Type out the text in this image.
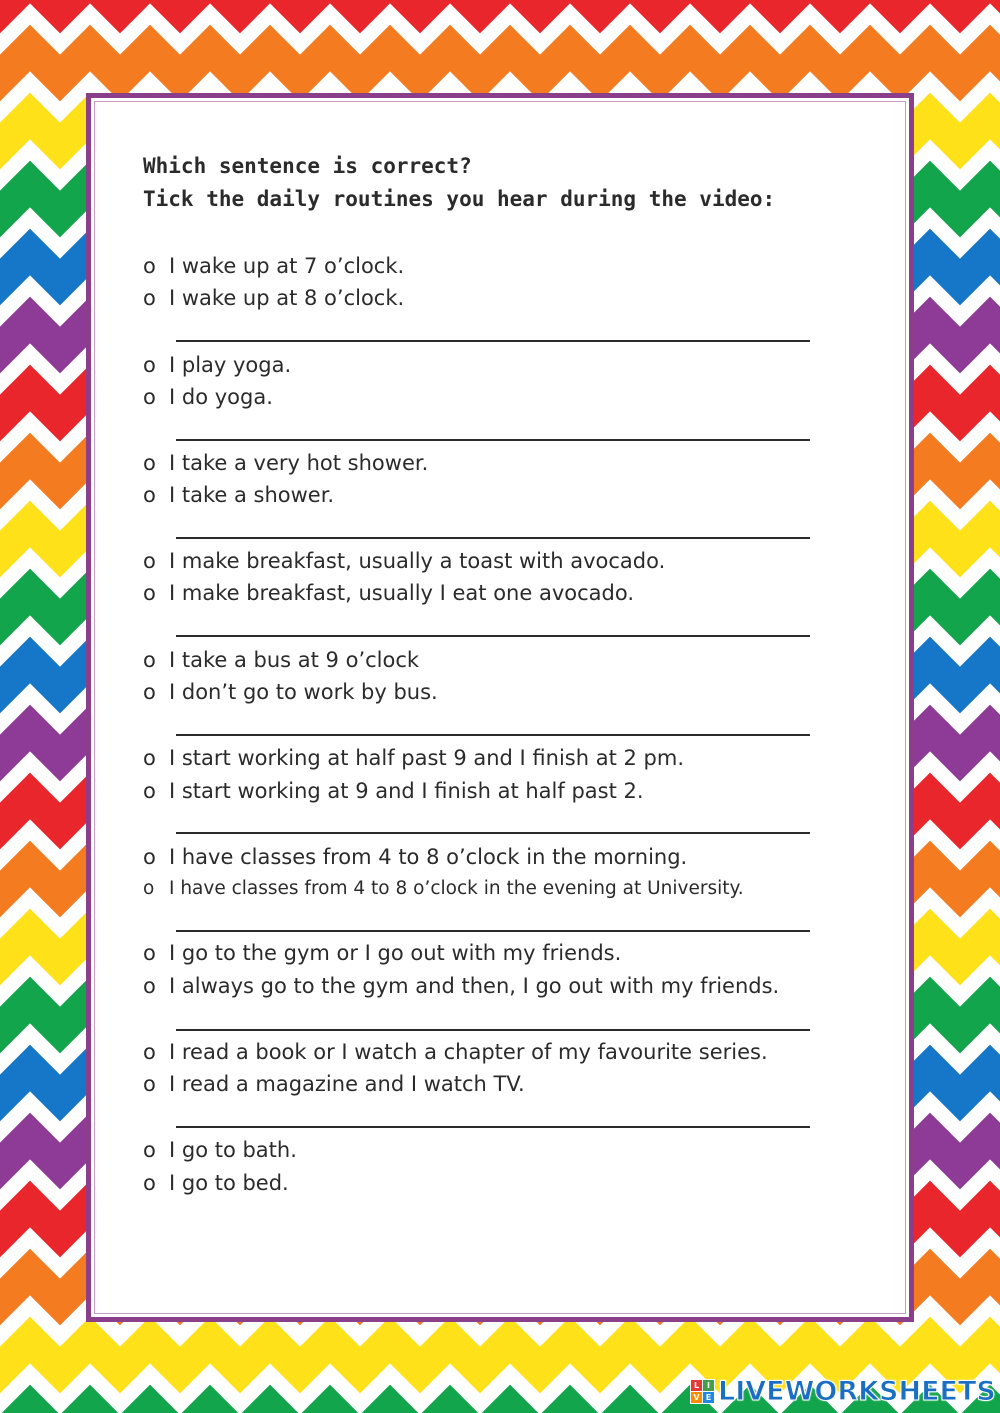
Which sentence is correct?
Tick the daily routines you hear during the video:
o I wake up at 7 o’clock.
o I wake up at 8 o’clock.
o I play yoga.
o I do yoga.
o I take a very hot shower.
o I take a shower.
o I make breakfast, usually a toast with avocado.
o I make breakfast, usually I eat one avocado.
o I take a bus at 9 o’clock
o I don’t go to work by bus.
o I start working at half past 9 and I finish at 2 pm.
o I start working at 9 and I finish at half past 2.
o I have classes from 4 to 8 o’clock in the morning.
o I have classes from 4 to 8 o’clock in the evening at University.
o I go to the gym or I go out with my friends.
o I always go to the gym and then, I go out with my friends.
o I read a book or I watch a chapter of my favourite series.
o I read a magazine and I watch TV.
o I go to bath.
o I go to bed.
L I
V E LIVEWORKSHEETS
